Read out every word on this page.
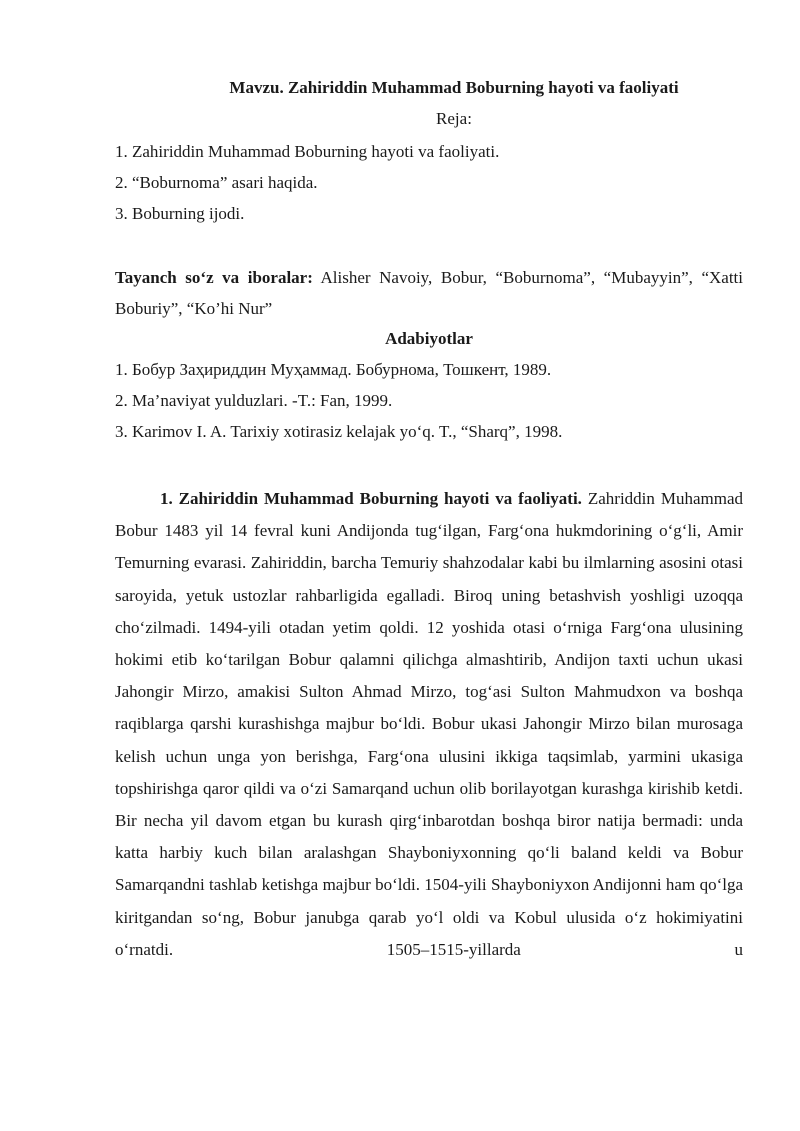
Mavzu. Zahiriddin Muhammad Boburning hayoti va faoliyati

Reja:

1. Zahiriddin Muhammad Boburning hayoti va faoliyati.

2. “Boburnoma” asari haqida.

3. Boburning ijodi.

Tayanch so‘z va iboralar: Alisher Navoiy, Bobur, “Boburnoma”, “Mubayyin”, “Xatti Boburiy”, “Ko’hi Nur”

Adabiyotlar

1. Бобур Заҳириддин Муҳаммад. Бобурнома, Тошкент, 1989.

2. Ma’naviyat yulduzlari. -T.: Fan, 1999.

3. Karimov I. A. Tarixiy xotirasiz kelajak yo‘q. T., “Sharq”, 1998.

1. Zahiriddin Muhammad Boburning hayoti va faoliyati. Zahriddin Muhammad Bobur 1483 yil 14 fevral kuni Andijonda tug‘ilgan, Farg‘ona hukmdorining o‘g‘li, Amir Temurning evarasi. Zahiriddin, barcha Temuriy shahzodalar kabi bu ilmlarning asosini otasi saroyida, yetuk ustozlar rahbarligida egalladi. Biroq uning betashvish yoshligi uzoqqa cho‘zilmadi. 1494-yili otadan yetim qoldi. 12 yoshida otasi o‘rniga Farg‘ona ulusining hokimi etib ko‘tarilgan Bobur qalamni qilichga almashtirib, Andijon taxti uchun ukasi Jahongir Mirzo, amakisi Sulton Ahmad Mirzo, tog‘asi Sulton Mahmudxon va boshqa raqiblarga qarshi kurashishga majbur bo‘ldi. Bobur ukasi Jahongir Mirzo bilan murosaga kelish uchun unga yon berishga, Farg‘ona ulusini ikkiga taqsimlab, yarmini ukasiga topshirishga qaror qildi va o‘zi Samarqand uchun olib borilayotgan kurashga kirishib ketdi. Bir necha yil davom etgan bu kurash qirg‘inbarotdan boshqa biror natija bermadi: unda katta harbiy kuch bilan aralashgan Shayboniyxonning qo‘li baland keldi va Bobur Samarqandni tashlab ketishga majbur bo‘ldi. 1504-yili Shayboniyxon Andijonni ham qo‘lga kiritgandan so‘ng, Bobur janubga qarab yo‘l oldi va Kobul ulusida o‘z hokimiyatini o‘rnatdi. 1505–1515-yillarda u
